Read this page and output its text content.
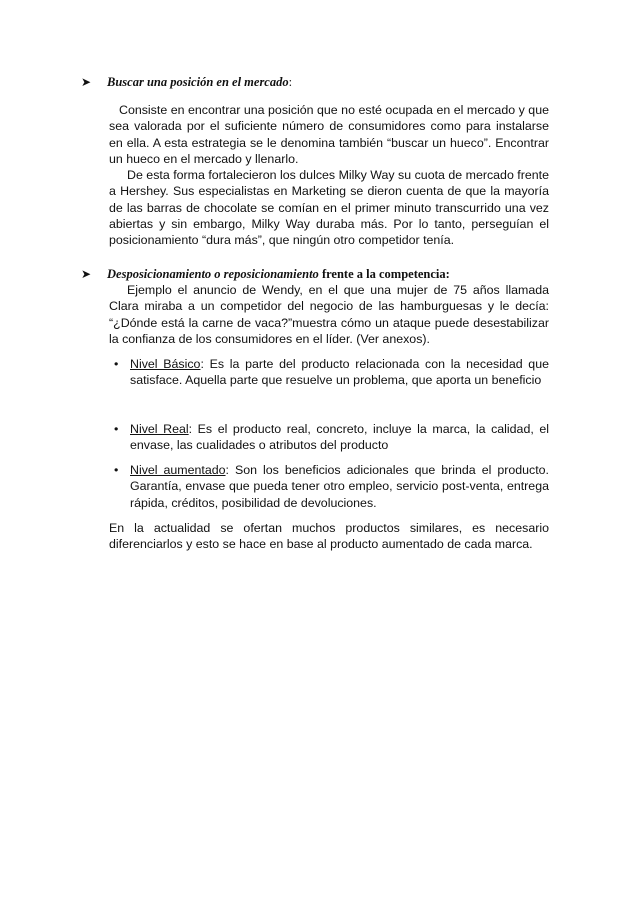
➤ Buscar una posición en el mercado:

Consiste en encontrar una posición que no esté ocupada en el mercado y que sea valorada por el suficiente número de consumidores como para instalarse en ella. A esta estrategia se le denomina también “buscar un hueco”. Encontrar un hueco en el mercado y llenarlo.

De esta forma fortalecieron los dulces Milky Way su cuota de mercado frente a Hershey. Sus especialistas en Marketing se dieron cuenta de que la mayoría de las barras de chocolate se comían en el primer minuto transcurrido una vez abiertas y sin embargo, Milky Way duraba más. Por lo tanto, perseguían el posicionamiento “dura más”, que ningún otro competidor tenía.

➤ Desposicionamiento o reposicionamiento frente a la competencia:

Ejemplo el anuncio de Wendy, en el que una mujer de 75 años llamada Clara miraba a un competidor del negocio de las hamburguesas y le decía: “¿Dónde está la carne de vaca?”muestra cómo un ataque puede desestabilizar la confianza de los consumidores en el líder. (Ver anexos).

• Nivel Básico: Es la parte del producto relacionada con la necesidad que satisface. Aquella parte que resuelve un problema, que aporta un beneficio
• Nivel Real: Es el producto real, concreto, incluye la marca, la calidad, el envase, las cualidades o atributos del producto
• Nivel aumentado: Son los beneficios adicionales que brinda el producto. Garantía, envase que pueda tener otro empleo, servicio post-venta, entrega rápida, créditos, posibilidad de devoluciones.

En la actualidad se ofertan muchos productos similares, es necesario diferenciarlos y esto se hace en base al producto aumentado de cada marca.
